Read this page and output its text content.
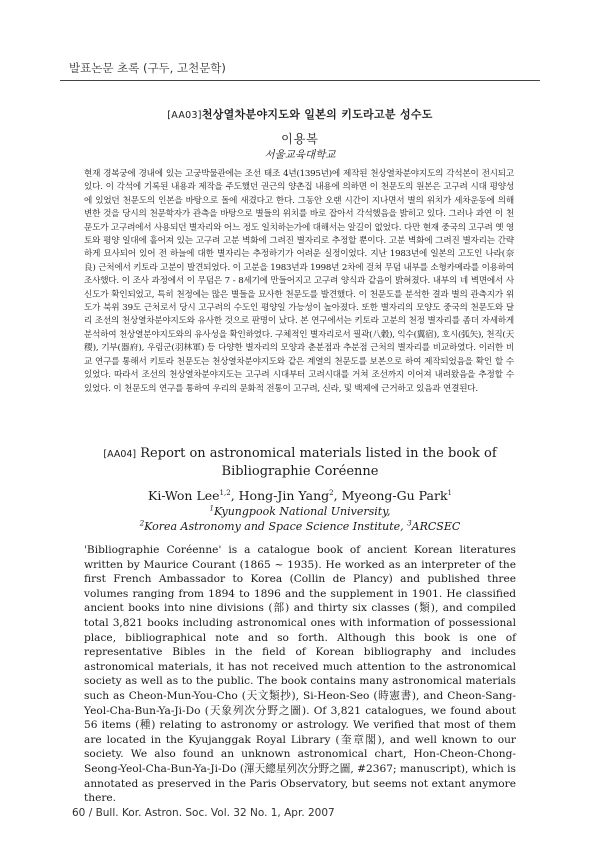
발표논문 초록 (구두, 고천문학)
[AA03]천상열차분야지도와 일본의 키도라고분 성수도
이용복
서울교육대학교
현재 경복궁에 경내에 있는 고궁박물관에는 조선 태조 4년(1395년)에 제작된 천상열차분야지도의 각석본이 전시되고 있다. 이 각석에 기록된 내용과 제작을 주도했던 권근의 양촌집 내용에 의하면 이 천문도의 원본은 고구려 시대 평양성에 있었던 천문도의 인본을 바탕으로 돌에 새겼다고 한다. 그동안 오랜 시간이 지나면서 별의 위치가 세차운동에 의해 변한 것을 당시의 천문학자가 관측을 바탕으로 별들의 위치를 바로 잡아서 각석했음을 밝히고 있다. 그러나 과연 이 천문도가 고구려에서 사용되던 별자리와 어느 정도 일치하는가에 대해서는 알길이 없었다. 다만 현재 중국의 고구려 옛 영토와 평양 일대에 흩어져 있는 고구려 고분 벽화에 그려진 별자리로 추정할 뿐이다. 고분 벽화에 그려진 별자리는 간략하게 묘사되어 있어 전 하늘에 대한 별자리는 추정하기가 어려운 실정이었다. 지난 1983년에 일본의 고도인 나라(奈良) 근처에서 키토라 고분이 발견되었다. 이 고분을 1983년과 1998년 2차에 걸쳐 무덤 내부를 소형카메라를 이용하여 조사했다. 이 조사 과정에서 이 무덤은 7 - 8세기에 만들어지고 고구려 양식과 같음이 밝혀졌다. 내부의 네 벽면에서 사신도가 확인되었고, 특히 천정에는 많은 별들을 묘사한 천문도를 발견했다. 이 천문도를 분석한 결과 별의 관측지가 위도가 북위 39도 근처로서 당시 고구려의 수도인 평양일 가능성이 높아졌다. 또한 별자리의 모양도 중국의 천문도와 달리 조선의 천상열차분야지도와 유사한 것으로 판명이 났다. 본 연구에서는 키토라 고분의 천정 별자리를 좀더 자세하게 분석하여 천상열분야지도와의 유사성을 확인하였다. 구체적인 별자리로서 필곽(八穀), 익수(翼宿), 호시(弧矢), 천직(天稷), 기부(器府), 우림군(羽林軍) 등 다양한 별자리의 모양과 춘분점과 추분점 근처의 별자리를 비교하였다. 이러한 비교 연구를 통해서 키토라 천문도는 천상열차분야지도와 같은 계열의 천문도를 보본으로 하여 제작되었음을 확인 할 수 있었다. 따라서 조선의 천상열차분야지도는 고구려 시대부터 고려시대를 거쳐 조선까지 이어져 내려왔음을 추정할 수 있었다. 이 천문도의 연구를 통하여 우리의 문화적 전통이 고구려, 신라, 및 백제에 근거하고 있음과 연결된다.
[AA04] Report on astronomical materials listed in the book of
Bibliographie Coréenne
Ki-Won Lee$^{1,2}$, Hong-Jin Yang$^2$, Myeong-Gu Park$^1$
$^1$Kyungpook National University,
$^2$Korea Astronomy and Space Science Institute, $^3$ARCSEC
'Bibliographie Coréenne' is a catalogue book of ancient Korean literatures written by Maurice Courant (1865 ~ 1935). He worked as an interpreter of the first French Ambassador to Korea (Collin de Plancy) and published three volumes ranging from 1894 to 1896 and the supplement in 1901. He classified ancient books into nine divisions (部) and thirty six classes (類), and compiled total 3,821 books including astronomical ones with information of possessional place, bibliographical note and so forth. Although this book is one of representative Bibles in the field of Korean bibliography and includes astronomical materials, it has not received much attention to the astronomical society as well as to the public. The book contains many astronomical materials such as Cheon-Mun-You-Cho (天文類抄), Si-Heon-Seo (時憲書), and Cheon-Sang-Yeol-Cha-Bun-Ya-Ji-Do (天象列次分野之圖). Of 3,821 catalogues, we found about 56 items (種) relating to astronomy or astrology. We verified that most of them are located in the Kyujanggak Royal Library (奎章閣), and well known to our society. We also found an unknown astronomical chart, Hon-Cheon-Chong-Seong-Yeol-Cha-Bun-Ya-Ji-Do (渾天總星列次分野之圖, #2367; manuscript), which is annotated as preserved in the Paris Observatory, but seems not extant anymore there.
60 / Bull. Kor. Astron. Soc. Vol. 32 No. 1, Apr. 2007
